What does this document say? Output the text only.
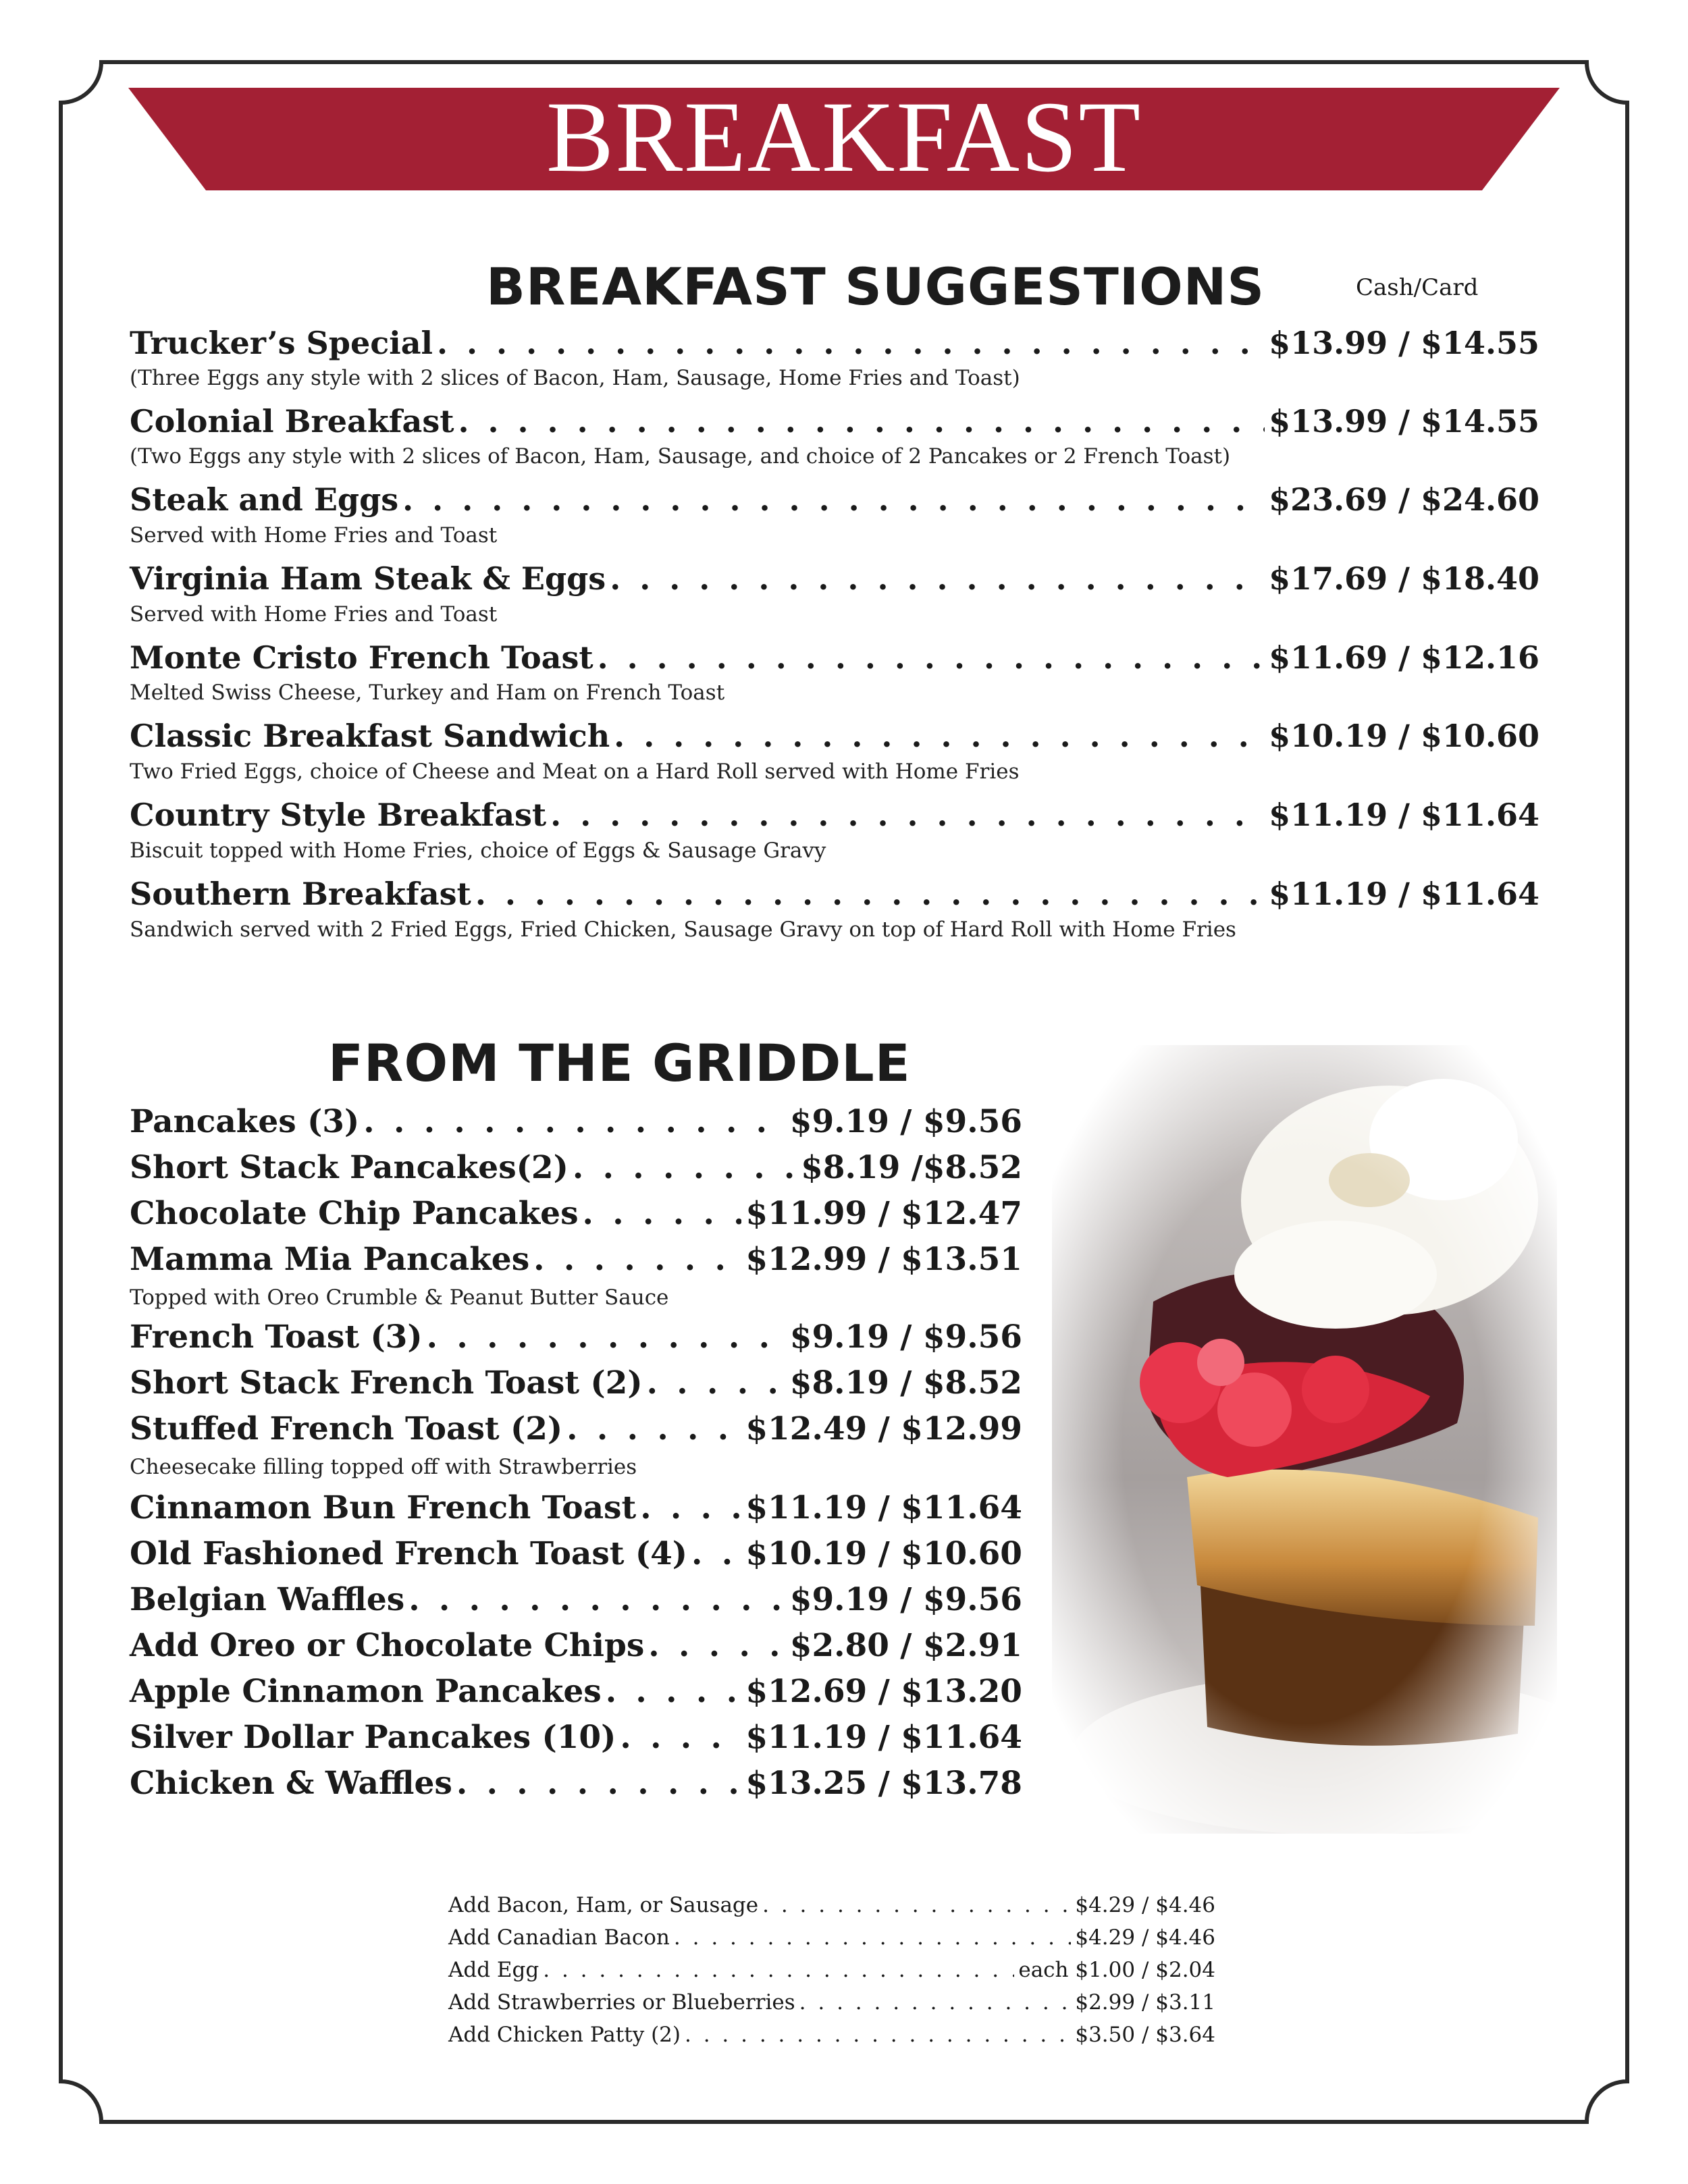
BREAKFAST
BREAKFAST SUGGESTIONS	Cash/Card
Trucker’s Special . . .	$13.99 / $14.55
(Three Eggs any style with 2 slices of Bacon, Ham, Sausage, Home Fries and Toast)
Colonial Breakfast . . .	$13.99 / $14.55
(Two Eggs any style with 2 slices of Bacon, Ham, Sausage, and choice of 2 Pancakes or 2 French Toast)
Steak and Eggs . . .	$23.69 / $24.60
Served with Home Fries and Toast
Virginia Ham Steak & Eggs . . .	$17.69 / $18.40
Served with Home Fries and Toast
Monte Cristo French Toast . . .	$11.69 / $12.16
Melted Swiss Cheese, Turkey and Ham on French Toast
Classic Breakfast Sandwich . . .	$10.19 / $10.60
Two Fried Eggs, choice of Cheese and Meat on a Hard Roll served with Home Fries
Country Style Breakfast . . .	$11.19 / $11.64
Biscuit topped with Home Fries, choice of Eggs & Sausage Gravy
Southern Breakfast . . .	$11.19 / $11.64
Sandwich served with 2 Fried Eggs, Fried Chicken, Sausage Gravy on top of Hard Roll with Home Fries
FROM THE GRIDDLE
Pancakes (3) . . .	$9.19 / $9.56
Short Stack Pancakes(2) . . .	$8.19 /$8.52
Chocolate Chip Pancakes . . .	$11.99 / $12.47
Mamma Mia Pancakes . . .	$12.99 / $13.51
Topped with Oreo Crumble & Peanut Butter Sauce
French Toast (3) . . .	$9.19 / $9.56
Short Stack French Toast (2) . . .	$8.19 / $8.52
Stuffed French Toast (2) . . .	$12.49 / $12.99
Cheesecake filling topped off with Strawberries
Cinnamon Bun French Toast . . .	$11.19 / $11.64
Old Fashioned French Toast (4) . . . $10.19 / $10.60
Belgian Waffles . . .	$9.19 / $9.56
Add Oreo or Chocolate Chips . . .	$2.80 / $2.91
Apple Cinnamon Pancakes . . .	$12.69 / $13.20
Silver Dollar Pancakes (10) . . .	$11.19 / $11.64
Chicken & Waffles . . .	$13.25 / $13.78
Add Bacon, Ham, or Sausage . . .	$4.29 / $4.46
Add Canadian Bacon . . .	$4.29 / $4.46
Add Egg . . .	each $1.00 / $2.04
Add Strawberries or Blueberries . . .	$2.99 / $3.11
Add Chicken Patty (2) . . .	$3.50 / $3.64
